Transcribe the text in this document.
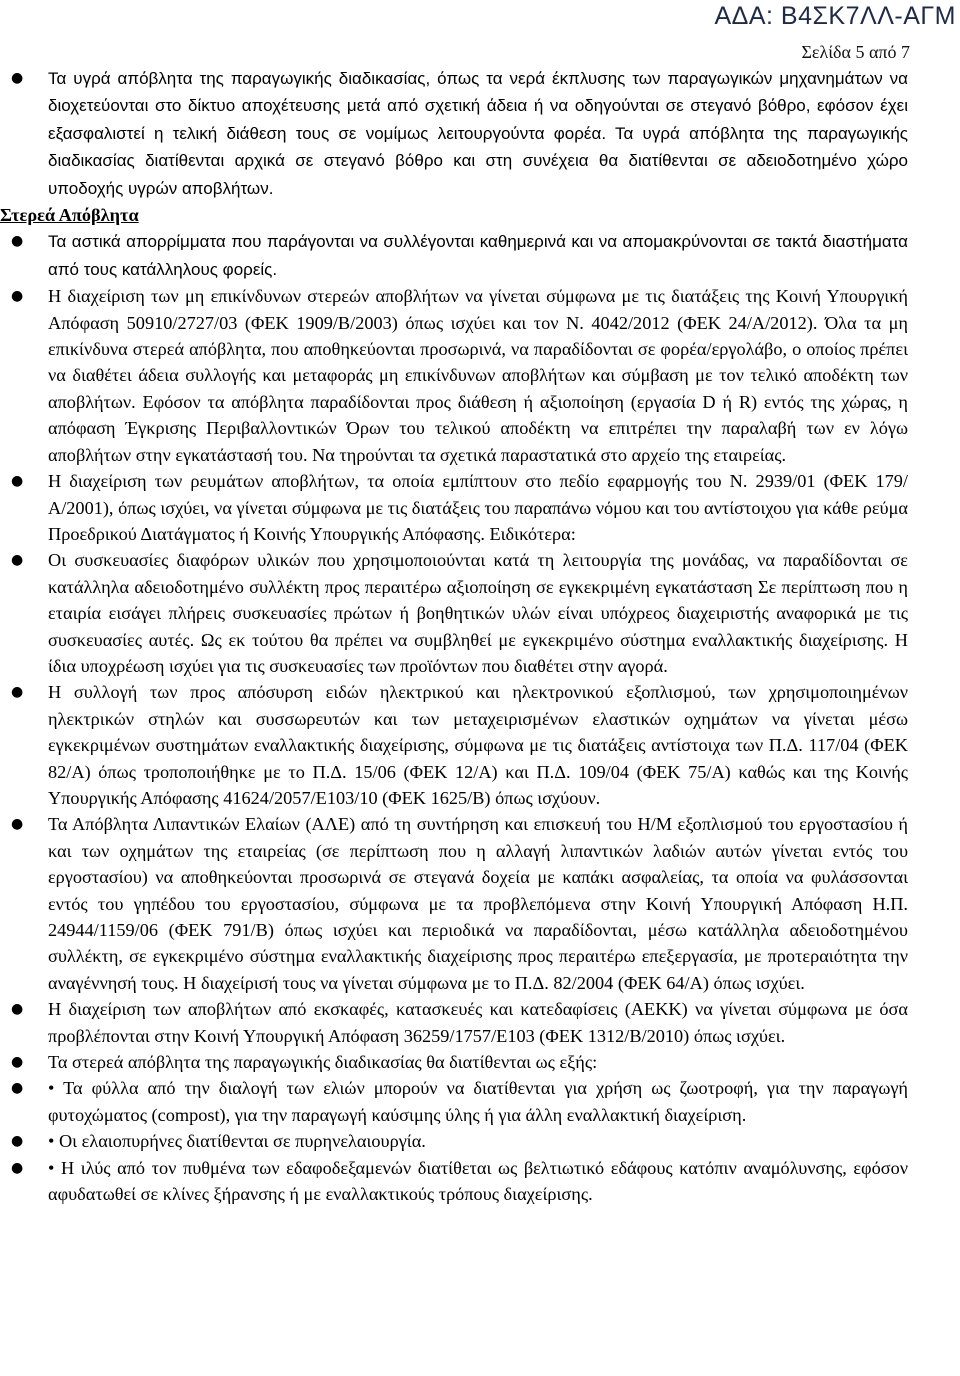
ΑΔΑ: Β4ΣΚ7ΛΛ-ΑΓΜ
Σελίδα 5 από 7
● Τα υγρά απόβλητα της παραγωγικής διαδικασίας, όπως τα νερά έκπλυσης των παραγωγικών μηχανημάτων να διοχετεύονται στο δίκτυο αποχέτευσης μετά από σχετική άδεια ή να οδηγούνται σε στεγανό βόθρο, εφόσον έχει εξασφαλιστεί η τελική διάθεση τους σε νομίμως λειτουργούντα φορέα. Τα υγρά απόβλητα της παραγωγικής διαδικασίας διατίθενται αρχικά σε στεγανό βόθρο και στη συνέχεια θα διατίθενται σε αδειοδοτημένο χώρο υποδοχής υγρών αποβλήτων.
Στερεά Απόβλητα
● Τα αστικά απορρίμματα που παράγονται να συλλέγονται καθημερινά και να απομακρύνονται σε τακτά διαστήματα από τους κατάλληλους φορείς.
● Η διαχείριση των μη επικίνδυνων στερεών αποβλήτων να γίνεται σύμφωνα με τις διατάξεις της Κοινή Υπουργική Απόφαση 50910/2727/03 (ΦΕΚ 1909/Β/2003) όπως ισχύει και τον Ν. 4042/2012 (ΦΕΚ 24/Α/2012). Όλα τα μη επικίνδυνα στερεά απόβλητα, που αποθηκεύονται προσωρινά, να παραδίδονται σε φορέα/εργολάβο, ο οποίος πρέπει να διαθέτει άδεια συλλογής και μεταφοράς μη επικίνδυνων αποβλήτων και σύμβαση με τον τελικό αποδέκτη των αποβλήτων. Εφόσον τα απόβλητα παραδίδονται προς διάθεση ή αξιοποίηση (εργασία D ή R) εντός της χώρας, η απόφαση Έγκρισης Περιβαλλοντικών Όρων του τελικού αποδέκτη να επιτρέπει την παραλαβή των εν λόγω αποβλήτων στην εγκατάστασή του. Να τηρούνται τα σχετικά παραστατικά στο αρχείο της εταιρείας.
● Η διαχείριση των ρευμάτων αποβλήτων, τα οποία εμπίπτουν στο πεδίο εφαρμογής του Ν. 2939/01 (ΦΕΚ 179/Α/2001), όπως ισχύει, να γίνεται σύμφωνα με τις διατάξεις του παραπάνω νόμου και του αντίστοιχου για κάθε ρεύμα Προεδρικού Διατάγματος ή Κοινής Υπουργικής Απόφασης. Ειδικότερα:
● Οι συσκευασίες διαφόρων υλικών που χρησιμοποιούνται κατά τη λειτουργία της μονάδας, να παραδίδονται σε κατάλληλα αδειοδοτημένο συλλέκτη προς περαιτέρω αξιοποίηση σε εγκεκριμένη εγκατάσταση Σε περίπτωση που η εταιρία εισάγει πλήρεις συσκευασίες πρώτων ή βοηθητικών υλών είναι υπόχρεος διαχειριστής αναφορικά με τις συσκευασίες αυτές. Ως εκ τούτου θα πρέπει να συμβληθεί με εγκεκριμένο σύστημα εναλλακτικής διαχείρισης. Η ίδια υποχρέωση ισχύει για τις συσκευασίες των προϊόντων που διαθέτει στην αγορά.
● Η συλλογή των προς απόσυρση ειδών ηλεκτρικού και ηλεκτρονικού εξοπλισμού, των χρησιμοποιημένων ηλεκτρικών στηλών και συσσωρευτών και των μεταχειρισμένων ελαστικών οχημάτων να γίνεται μέσω εγκεκριμένων συστημάτων εναλλακτικής διαχείρισης, σύμφωνα με τις διατάξεις αντίστοιχα των Π.Δ. 117/04 (ΦΕΚ 82/Α) όπως τροποποιήθηκε με το Π.Δ. 15/06 (ΦΕΚ 12/Α) και Π.Δ. 109/04 (ΦΕΚ 75/Α) καθώς και της Κοινής Υπουργικής Απόφασης 41624/2057/Ε103/10 (ΦΕΚ 1625/Β) όπως ισχύουν.
● Τα Απόβλητα Λιπαντικών Ελαίων (ΑΛΕ) από τη συντήρηση και επισκευή του Η/Μ εξοπλισμού του εργοστασίου ή και των οχημάτων της εταιρείας (σε περίπτωση που η αλλαγή λιπαντικών λαδιών αυτών γίνεται εντός του εργοστασίου) να αποθηκεύονται προσωρινά σε στεγανά δοχεία με καπάκι ασφαλείας, τα οποία να φυλάσσονται εντός του γηπέδου του εργοστασίου, σύμφωνα με τα προβλεπόμενα στην Κοινή Υπουργική Απόφαση Η.Π. 24944/1159/06 (ΦΕΚ 791/Β) όπως ισχύει και περιοδικά να παραδίδονται, μέσω κατάλληλα αδειοδοτημένου συλλέκτη, σε εγκεκριμένο σύστημα εναλλακτικής διαχείρισης προς περαιτέρω επεξεργασία, με προτεραιότητα την αναγέννησή τους. Η διαχείρισή τους να γίνεται σύμφωνα με το Π.Δ. 82/2004 (ΦΕΚ 64/Α) όπως ισχύει.
● Η διαχείριση των αποβλήτων από εκσκαφές, κατασκευές και κατεδαφίσεις (ΑΕΚΚ) να γίνεται σύμφωνα με όσα προβλέπονται στην Κοινή Υπουργική Απόφαση 36259/1757/Ε103 (ΦΕΚ 1312/Β/2010) όπως ισχύει.
● Τα στερεά απόβλητα της παραγωγικής διαδικασίας θα διατίθενται ως εξής:
● • Τα φύλλα από την διαλογή των ελιών μπορούν να διατίθενται για χρήση ως ζωοτροφή, για την παραγωγή φυτοχώματος (compost), για την παραγωγή καύσιμης ύλης ή για άλλη εναλλακτική διαχείριση.
● • Οι ελαιοπυρήνες διατίθενται σε πυρηνελαιουργία.
● • Η ιλύς από τον πυθμένα των εδαφοδεξαμενών διατίθεται ως βελτιωτικό εδάφους κατόπιν αναμόλυνσης, εφόσον αφυδατωθεί σε κλίνες ξήρανσης ή με εναλλακτικούς τρόπους διαχείρισης.
